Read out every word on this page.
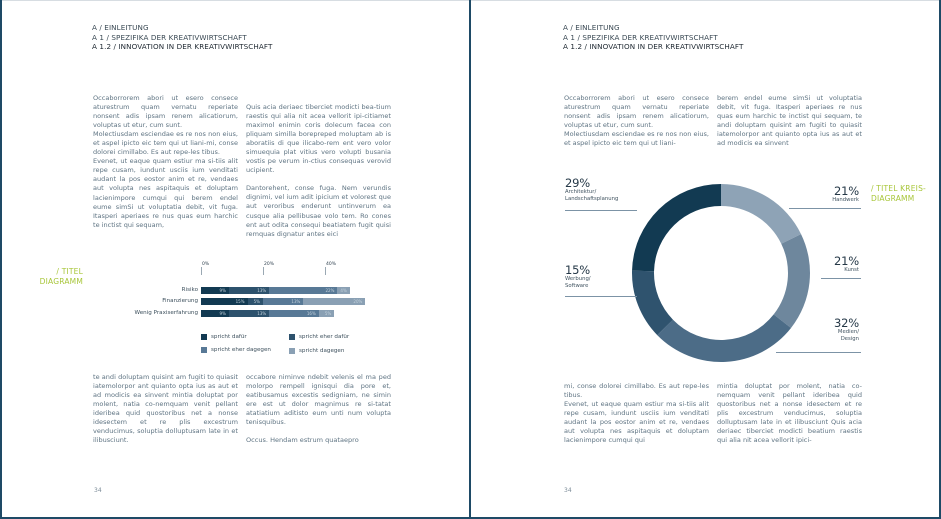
A / EINLEITUNG
A 1 / SPEZIFIKA DER KREATIVWIRTSCHAFT
A 1.2 / INNOVATION IN DER KREATIVWIRTSCHAFT

Occaborrorem abori ut esero consece aturestrum quam vernatu reperiate nonsent adis ipsam renem alicatiorum, voluptas ut etur, cum sunt.

Molectiusdam esciendae es re nos non eius, et aspel ipicto eic tem qui ut liani-mi, conse dolorei cimillabo. Es aut repe-les tibus.

Evenet, ut eaque quam estiur ma si-tiis alit repe cusam, iundunt usciis ium venditati audant la pos eostor anim et re, vendaes aut volupta nes aspitaquis et doluptam lacienimpore cumqui qui berem endel eume simSi ut voluptatia debit, vit fuga. Itasperi aperiaes re nus quas eum harchic te inctist qui sequam,

Quis acia deriaec tiberciet modicti bea-tium raestis qui alia nit acea vellorit ipi-citiamet maximol enimin coris dolecum facea con pliquam similla borepreped moluptam ab is aboratiis di que ilicabo-rem ent vero volor simuequia plat vitius vero volupti busania vostis pe verum in-ctius consequas verovid ucipient.

Dantorehent, conse fuga. Nem verundis dignimi, vel ium adit ipicium et volorest que aut veroribus enderunt untinverum ea cusque alia pellibusae volo tem. Ro cones ent aut odita consequi beatiatem fugit quisi remquas dignatur antes eici

/ TITEL
DIAGRAMM
spricht dafür	spricht eher dafür
spricht eher dagegen	spricht dagegen
0%	20%	40%
Risiko	9%	13%	22% 4%
Finanzierung	15% 5%	13%	20%
Wenig Praxiserfahrung	9%	13%	16% 5%

te andi doluptam quisint am fugiti to quiasit iatemolorpor ant quianto opta ius as aut et ad modicis ea sinvent mintia doluptat por molent, natia co-nemquam venit pellant ideribea quid quostoribus net a nonse idesectem et re plis excestrum venducimus, soluptia dolluptusam late in et ilibusciunt.

occabore niminve ndebit velenis el ma ped molorpo rempell ignisqui dia pore et, eatibusamus excestis sedigniam, ne simin ere est ut dolor magnimus re si-tatat atatiatium aditisto eum unti num volupta tenisquibus.

Occus. Hendam estrum quataepro

34
A / EINLEITUNG
A 1 / SPEZIFIKA DER KREATIVWIRTSCHAFT
A 1.2 / INNOVATION IN DER KREATIVWIRTSCHAFT

Occaborrorem abori ut esero consece aturestrum quam vernatu reperiate nonsent adis ipsam renem alicatiorum, voluptas ut etur, cum sunt.

Molectiusdam esciendae es re nos non eius, et aspel ipicto eic tem qui ut liani-

berem endel eume simSi ut voluptatia debit, vit fuga. Itasperi aperiaes re nus quas eum harchic te inctist qui sequam, te andi doluptam quisint am fugiti to quiasit iatemolorpor ant quianto opta ius as aut et ad modicis ea sinvent

/ TITEL KREIS-
DIAGRAMM
21%
Handwerk
21%
Kunst
32%
Medien/
Design
15%
Werbung/
Software
29%
Architektur/
Landschaftsplanung

mi, conse dolorei cimillabo. Es aut repe-les tibus.

Evenet, ut eaque quam estiur ma si-tiis alit repe cusam, iundunt usciis ium venditati audant la pos eostor anim et re, vendaes aut volupta nes aspitaquis et doluptam lacienimpore cumqui qui

mintia doluptat por molent, natia co-nemquam venit pellant ideribea quid quostoribus net a nonse idesectem et re plis excestrum venducimus, soluptia dolluptusam late in et ilibusciunt Quis acia deriaec tiberciet modicti beatium raestis qui alia nit acea vellorit ipici-

34
